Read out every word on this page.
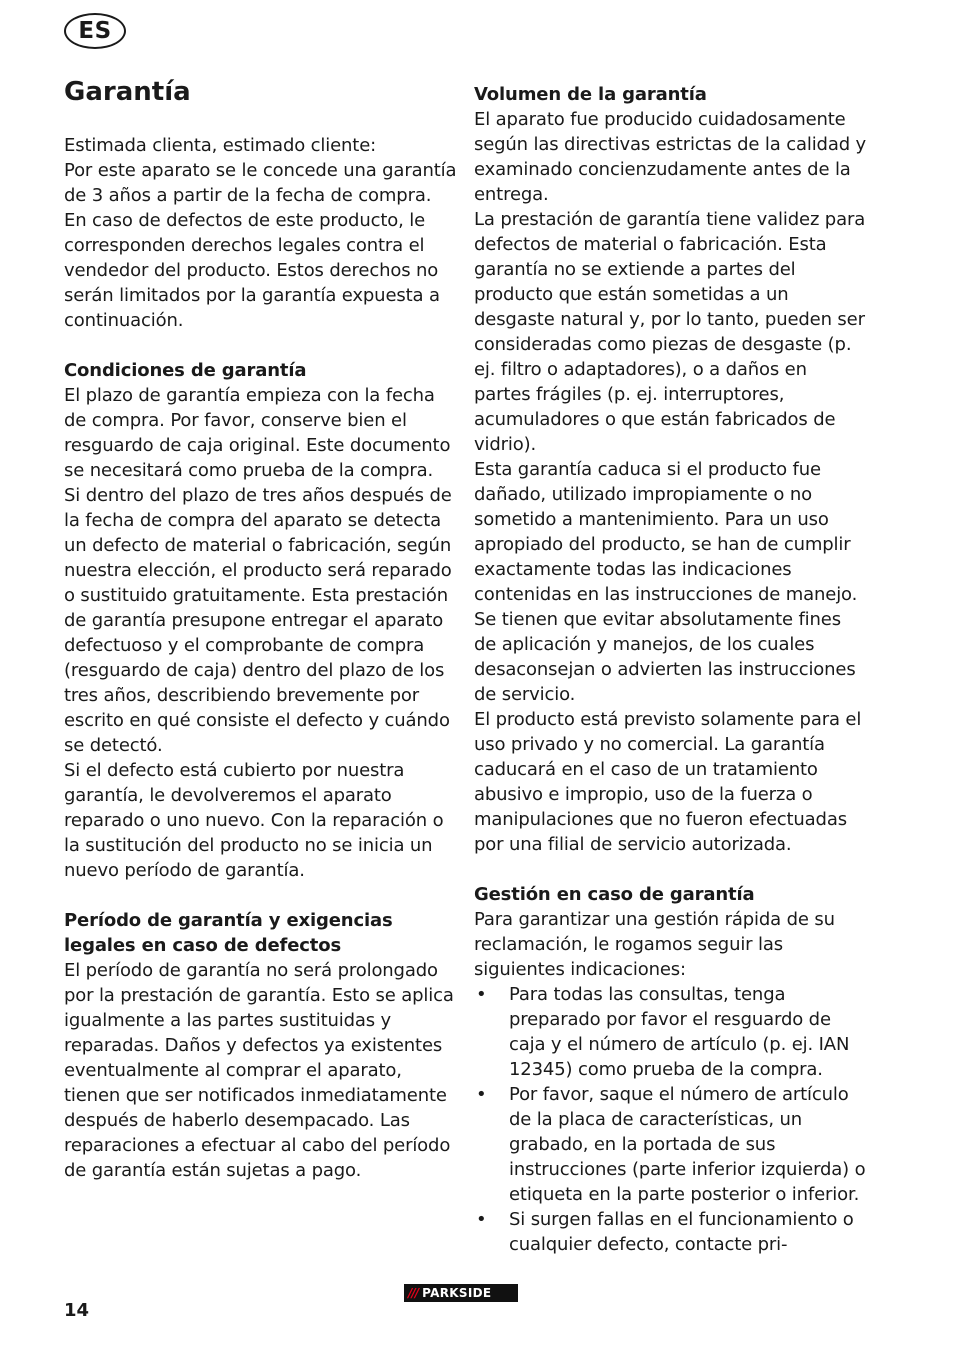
ES
Garantía

Estimada clienta, estimado cliente:

Por este aparato se le concede una garantía de 3 años a partir de la fecha de compra.

En caso de defectos de este producto, le corresponden derechos legales contra el vendedor del producto. Estos derechos no serán limitados por la garantía expuesta a continuación.

Condiciones de garantía

El plazo de garantía empieza con la fecha de compra. Por favor, conserve bien el resguardo de caja original. Este documento se necesitará como prueba de la compra.

Si dentro del plazo de tres años después de la fecha de compra del aparato se detecta un defecto de material o fabricación, según nuestra elección, el producto será reparado o sustituido gratuitamente. Esta prestación de garantía presupone entregar el aparato defectuoso y el comprobante de compra (resguardo de caja) dentro del plazo de los tres años, describiendo brevemente por escrito en qué consiste el defecto y cuándo se detectó.

Si el defecto está cubierto por nuestra garantía, le devolveremos el aparato reparado o uno nuevo. Con la reparación o la sustitución del producto no se inicia un nuevo período de garantía.

Período de garantía y exigencias legales en caso de defectos

El período de garantía no será prolongado por la prestación de garantía. Esto se aplica igualmente a las partes sustituidas y reparadas. Daños y defectos ya existentes eventualmente al comprar el aparato, tienen que ser notificados inmediatamente después de haberlo desempacado. Las reparaciones a efectuar al cabo del período de garantía están sujetas a pago.

Volumen de la garantía

El aparato fue producido cuidadosamente según las directivas estrictas de la calidad y examinado concienzudamente antes de la entrega.

La prestación de garantía tiene validez para defectos de material o fabricación. Esta garantía no se extiende a partes del producto que están sometidas a un desgaste natural y, por lo tanto, pueden ser consideradas como piezas de desgaste (p. ej. filtro o adaptadores), o a daños en partes frágiles (p. ej. interruptores, acumuladores o que están fabricados de vidrio).

Esta garantía caduca si el producto fue dañado, utilizado impropiamente o no sometido a mantenimiento. Para un uso apropiado del producto, se han de cumplir exactamente todas las indicaciones contenidas en las instrucciones de manejo. Se tienen que evitar absolutamente fines de aplicación y manejos, de los cuales desaconsejan o advierten las instrucciones de servicio.

El producto está previsto solamente para el uso privado y no comercial. La garantía caducará en el caso de un tratamiento abusivo e impropio, uso de la fuerza o manipulaciones que no fueron efectuadas por una filial de servicio autorizada.

Gestión en caso de garantía

Para garantizar una gestión rápida de su reclamación, le rogamos seguir las siguientes indicaciones:

• Para todas las consultas, tenga preparado por favor el resguardo de caja y el número de artículo (p. ej. IAN 12345) como prueba de la compra.
• Por favor, saque el número de artículo de la placa de características, un grabado, en la portada de sus instrucciones (parte inferior izquierda) o etiqueta en la parte posterior o inferior.
• Si surgen fallas en el funcionamiento o cualquier defecto, contacte pri-
14
/// PARKSIDE
